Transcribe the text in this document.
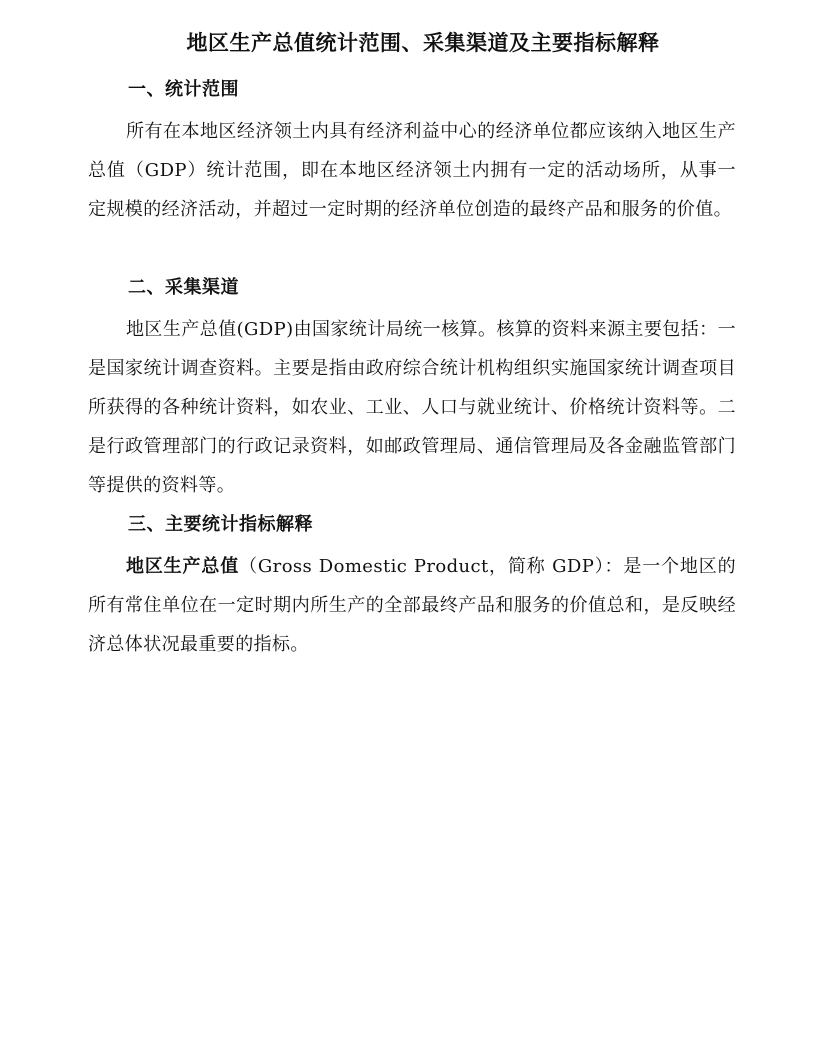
地区生产总值统计范围、采集渠道及主要指标解释
一、统计范围

所有在本地区经济领土内具有经济利益中心的经济单位都应该纳入地区生产总值（GDP）统计范围，即在本地区经济领土内拥有一定的活动场所，从事一定规模的经济活动，并超过一定时期的经济单位创造的最终产品和服务的价值。

二、采集渠道

地区生产总值(GDP)由国家统计局统一核算。核算的资料来源主要包括：一是国家统计调查资料。主要是指由政府综合统计机构组织实施国家统计调查项目所获得的各种统计资料，如农业、工业、人口与就业统计、价格统计资料等。二是行政管理部门的行政记录资料，如邮政管理局、通信管理局及各金融监管部门等提供的资料等。

三、主要统计指标解释

地区生产总值（Gross Domestic Product，简称 GDP）：是一个地区的所有常住单位在一定时期内所生产的全部最终产品和服务的价值总和，是反映经济总体状况最重要的指标。
